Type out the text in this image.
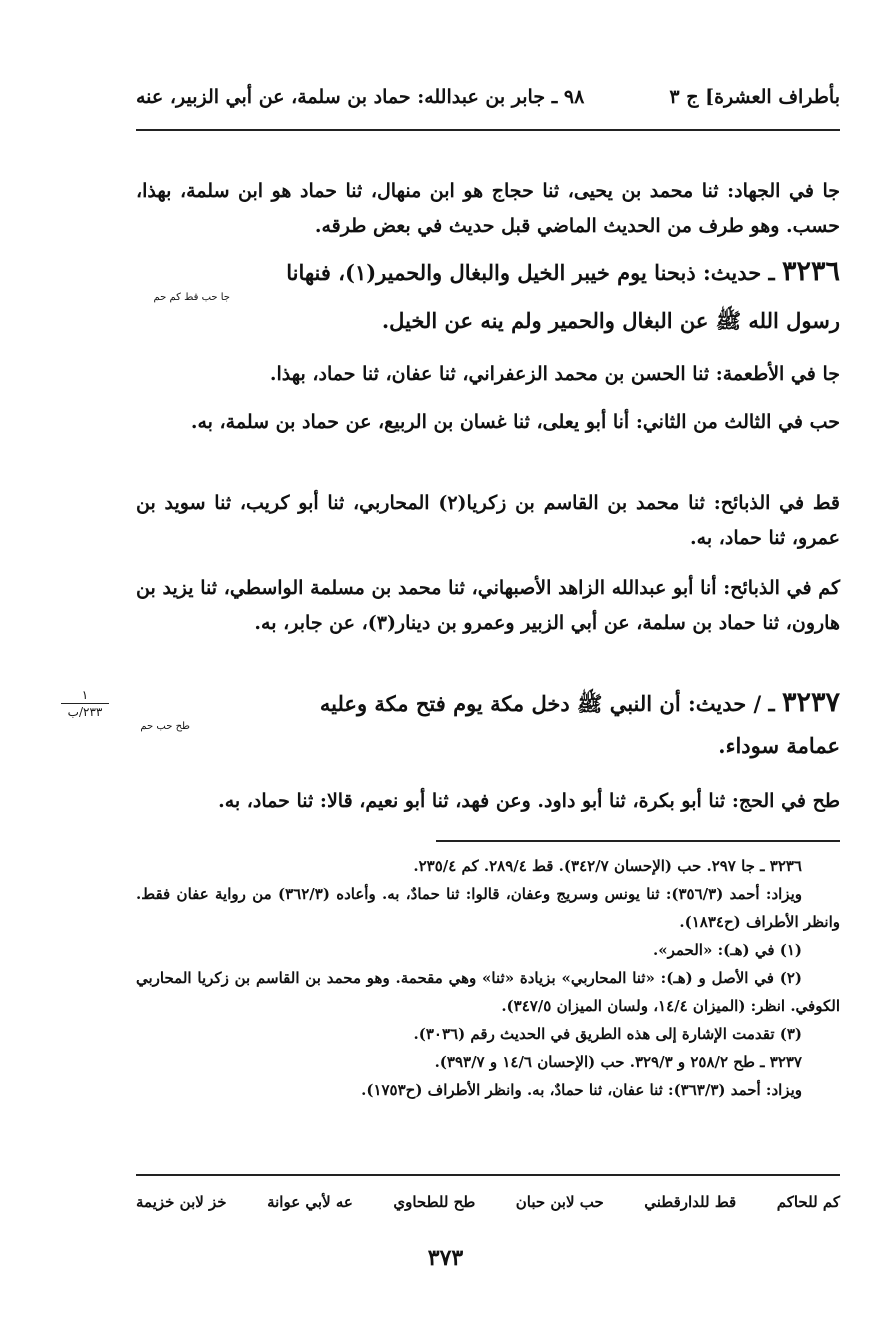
بأطراف العشرة] ج ٣
٩٨ ـ جابر بن عبدالله: حماد بن سلمة، عن أبي الزبير، عنه
جا في الجهاد: ثنا محمد بن يحيى، ثنا حجاج هو ابن منهال، ثنا حماد هو ابن سلمة، بهذا، حسب. وهو طرف من الحديث الماضي قبل حديث في بعض طرقه.
٣٢٣٦ ـ حديث: ذبحنا يوم خيبر الخيل والبغال والحمير(١)، فنهانا
جا حب قط كم حم
رسول الله ﷺ عن البغال والحمير ولم ينه عن الخيل.
جا في الأطعمة: ثنا الحسن بن محمد الزعفراني، ثنا عفان، ثنا حماد، بهذا.
حب في الثالث من الثاني: أنا أبو يعلى، ثنا غسان بن الربيع، عن حماد بن سلمة، به.
قط في الذبائح: ثنا محمد بن القاسم بن زكريا(٢) المحاربي، ثنا أبو كريب، ثنا سويد بن عمرو، ثنا حماد، به.
كم في الذبائح: أنا أبو عبدالله الزاهد الأصبهاني، ثنا محمد بن مسلمة الواسطي، ثنا يزيد بن هارون، ثنا حماد بن سلمة، عن أبي الزبير وعمرو بن دينار(٣)، عن جابر، به.
١
٢٣٣/ب	٣٢٣٧ ـ / حديث: أن النبي ﷺ دخل مكة يوم فتح مكة وعليه
طح حب حم
عمامة سوداء.
طح في الحج: ثنا أبو بكرة، ثنا أبو داود. وعن فهد، ثنا أبو نعيم، قالا: ثنا حماد، به.
٣٢٣٦ ـ جا ٢٩٧. حب (الإحسان ٣٤٢/٧). قط ٢٨٩/٤. كم ٢٣٥/٤.
ويزاد: أحمد (٣٥٦/٣): ثنا يونس وسريج وعفان، قالوا: ثنا حمادٌ، به. وأعاده (٣٦٢/٣) من رواية عفان فقط. وانظر الأطراف (ح١٨٣٤).
(١) في (هـ): «الحمر».
(٢) في الأصل و (هـ): «ثنا المحاربي» بزيادة «ثنا» وهي مقحمة. وهو محمد بن القاسم بن زكريا المحاربي الكوفي. انظر: (الميزان ١٤/٤، ولسان الميزان ٣٤٧/٥).
(٣) تقدمت الإشارة إلى هذه الطريق في الحديث رقم (٣٠٣٦).
٣٢٣٧ ـ طح ٢٥٨/٢ و ٣٢٩/٣. حب (الإحسان ١٤/٦ و ٣٩٣/٧).
ويزاد: أحمد (٣٦٣/٣): ثنا عفان، ثنا حمادٌ، به. وانظر الأطراف (ح١٧٥٣).
خز لابن خزيمة	عه لأبي عوانة	طح للطحاوي	حب لابن حبان	قط للدارقطني	كم للحاكم
٣٧٣
